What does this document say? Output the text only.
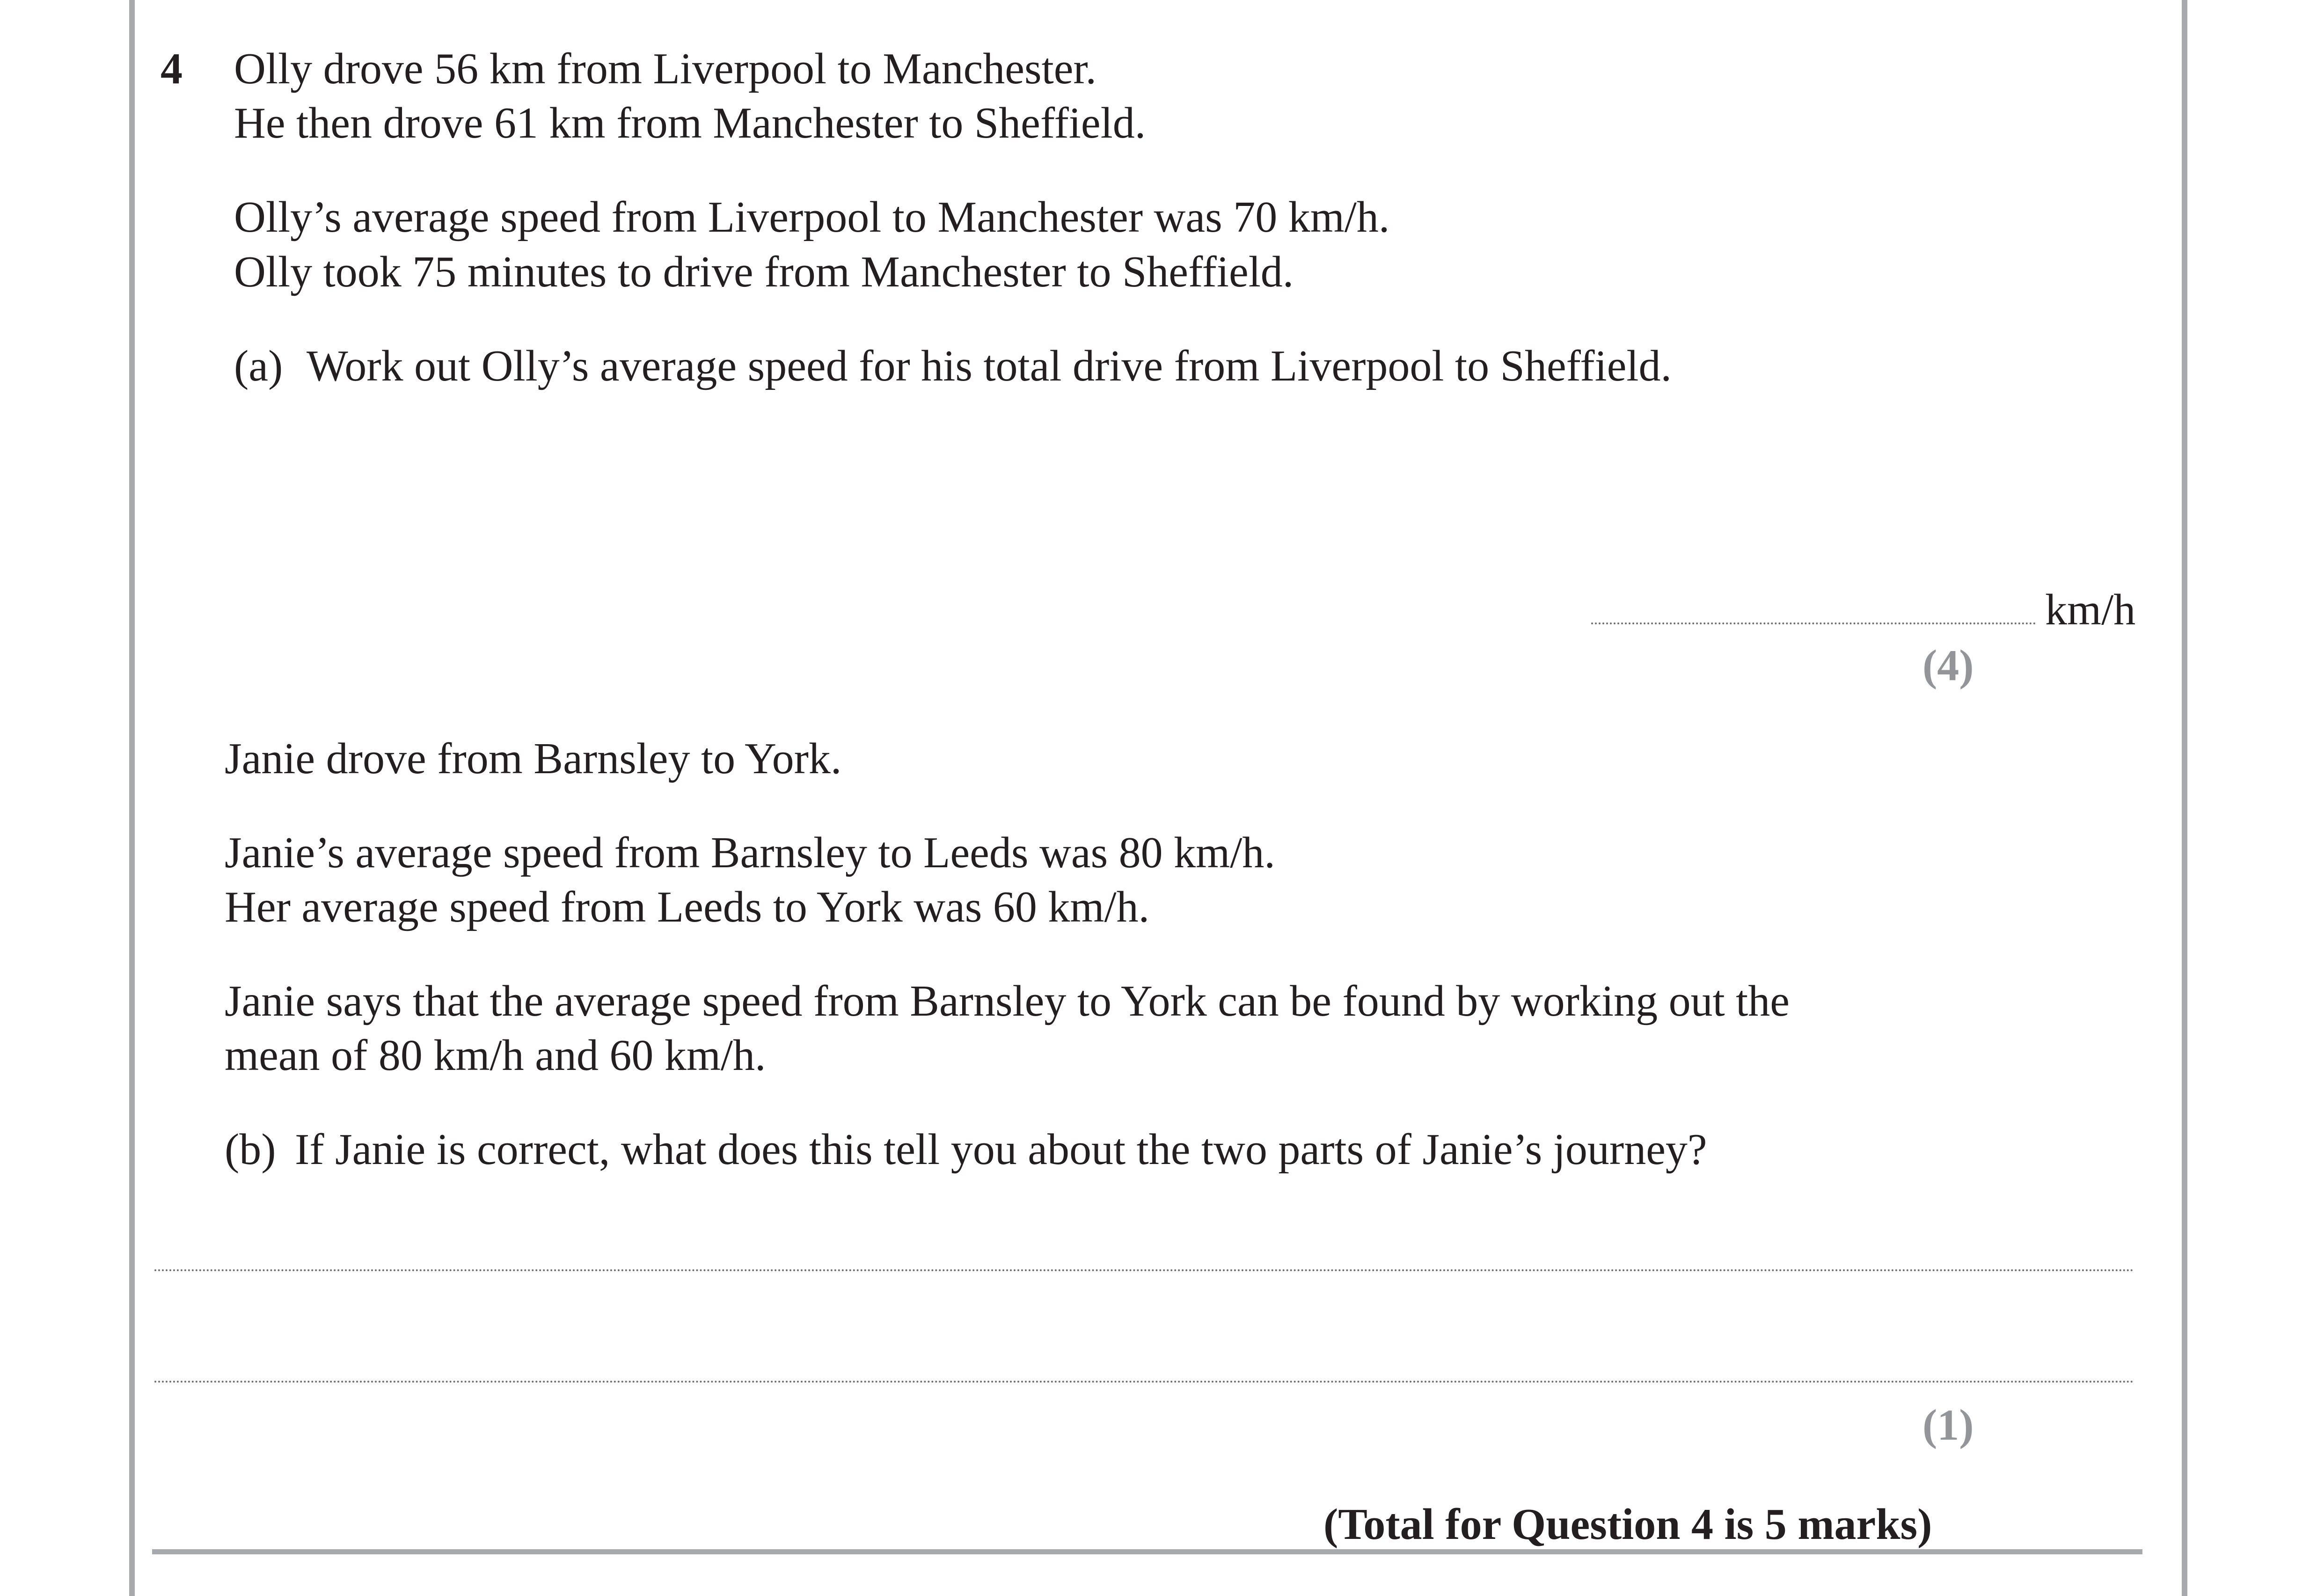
4 Olly drove 56 km from Liverpool to Manchester.
He then drove 61 km from Manchester to Sheffield.
Olly’s average speed from Liverpool to Manchester was 70 km/h.
Olly took 75 minutes to drive from Manchester to Sheffield.
(a) Work out Olly’s average speed for his total drive from Liverpool to Sheffield.
km/h
(4)
Janie drove from Barnsley to York.
Janie’s average speed from Barnsley to Leeds was 80 km/h.
Her average speed from Leeds to York was 60 km/h.
Janie says that the average speed from Barnsley to York can be found by working out the
mean of 80 km/h and 60 km/h.
(b) If Janie is correct, what does this tell you about the two parts of Janie’s journey?
(1)
(Total for Question 4 is 5 marks)
